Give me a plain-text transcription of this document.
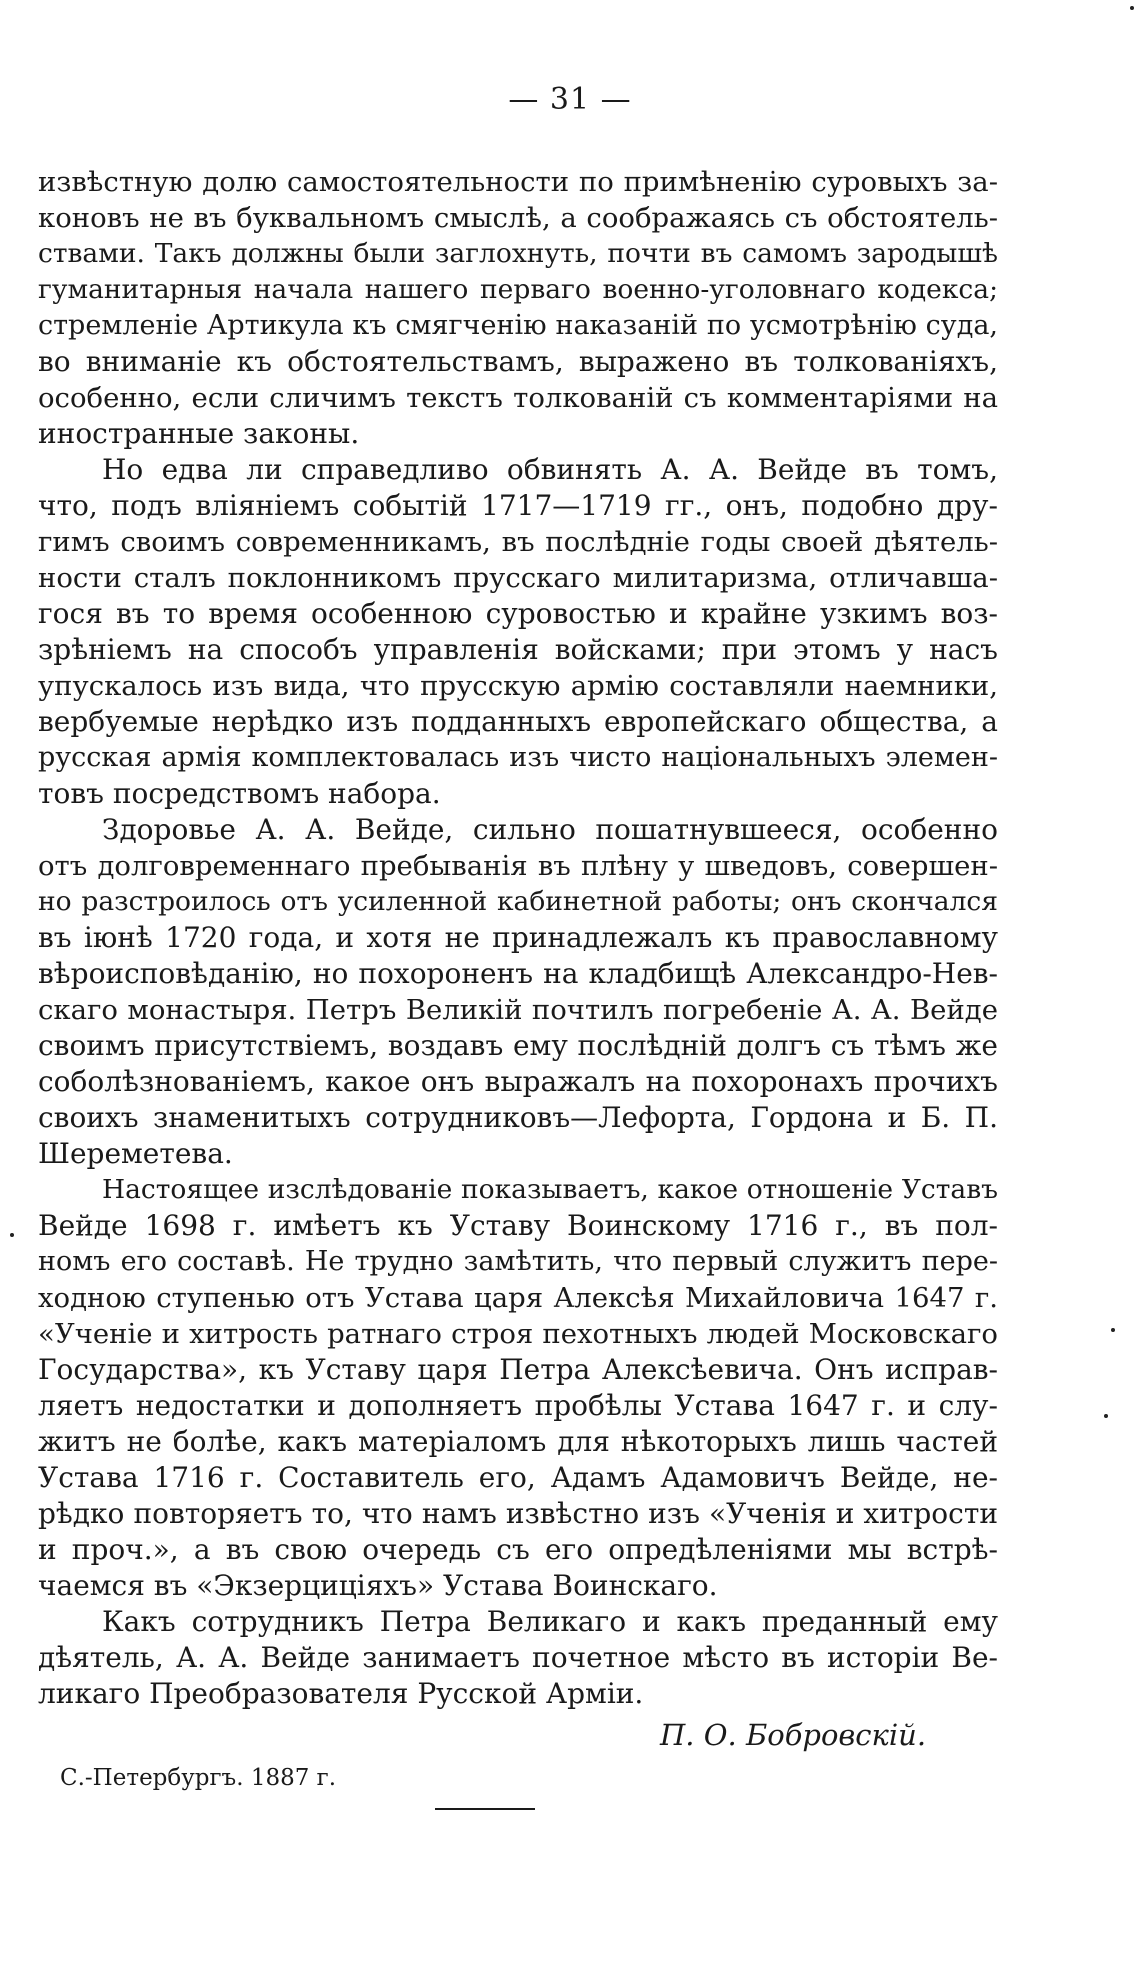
— 31 —
извѣстную долю самостоятельности по примѣненію суровыхъ за-
коновъ не въ буквальномъ смыслѣ, а соображаясь съ обстоятель-
ствами. Такъ должны были заглохнуть, почти въ самомъ зародышѣ
гуманитарныя начала нашего перваго военно-уголовнаго кодекса;
стремленіе Артикула къ смягченію наказаній по усмотрѣнію суда,
во вниманіе къ обстоятельствамъ, выражено въ толкованіяхъ,
особенно, если сличимъ текстъ толкованій съ комментаріями на
иностранные законы.
Но едва ли справедливо обвинять А. А. Вейде въ томъ,
что, подъ вліяніемъ событій 1717—1719 гг., онъ, подобно дру-
гимъ своимъ современникамъ, въ послѣдніе годы своей дѣятель-
ности сталъ поклонникомъ прусскаго милитаризма, отличавша-
гося въ то время особенною суровостью и крайне узкимъ воз-
зрѣніемъ на способъ управленія войсками; при этомъ у насъ
упускалось изъ вида, что прусскую армію составляли наемники,
вербуемые нерѣдко изъ подданныхъ европейскаго общества, а
русская армія комплектовалась изъ чисто національныхъ элемен-
товъ посредствомъ набора.
Здоровье А. А. Вейде, сильно пошатнувшееся, особенно
отъ долговременнаго пребыванія въ плѣну у шведовъ, совершен-
но разстроилось отъ усиленной кабинетной работы; онъ скончался
въ іюнѣ 1720 года, и хотя не принадлежалъ къ православному
вѣроисповѣданію, но похороненъ на кладбищѣ Александро-Нев-
скаго монастыря. Петръ Великій почтилъ погребеніе А. А. Вейде
своимъ присутствіемъ, воздавъ ему послѣдній долгъ съ тѣмъ же
соболѣзнованіемъ, какое онъ выражалъ на похоронахъ прочихъ
своихъ знаменитыхъ сотрудниковъ—Лефорта, Гордона и Б. П.
Шереметева.
Настоящее изслѣдованіе показываетъ, какое отношеніе Уставъ
Вейде 1698 г. имѣетъ къ Уставу Воинскому 1716 г., въ пол-
номъ его составѣ. Не трудно замѣтить, что первый служитъ пере-
ходною ступенью отъ Устава царя Алексѣя Михайловича 1647 г.
«Ученіе и хитрость ратнаго строя пехотныхъ людей Московскаго
Государства», къ Уставу царя Петра Алексѣевича. Онъ исправ-
ляетъ недостатки и дополняетъ пробѣлы Устава 1647 г. и слу-
житъ не болѣе, какъ матеріаломъ для нѣкоторыхъ лишь частей
Устава 1716 г. Составитель его, Адамъ Адамовичъ Вейде, не-
рѣдко повторяетъ то, что намъ извѣстно изъ «Ученія и хитрости
и проч.», а въ свою очередь съ его опредѣленіями мы встрѣ-
чаемся въ «Экзерциціяхъ» Устава Воинскаго.
Какъ сотрудникъ Петра Великаго и какъ преданный ему
дѣятель, А. А. Вейде занимаетъ почетное мѣсто въ исторіи Ве-
ликаго Преобразователя Русской Арміи.
П. О. Бобровскій.
С.-Петербургъ. 1887 г.
